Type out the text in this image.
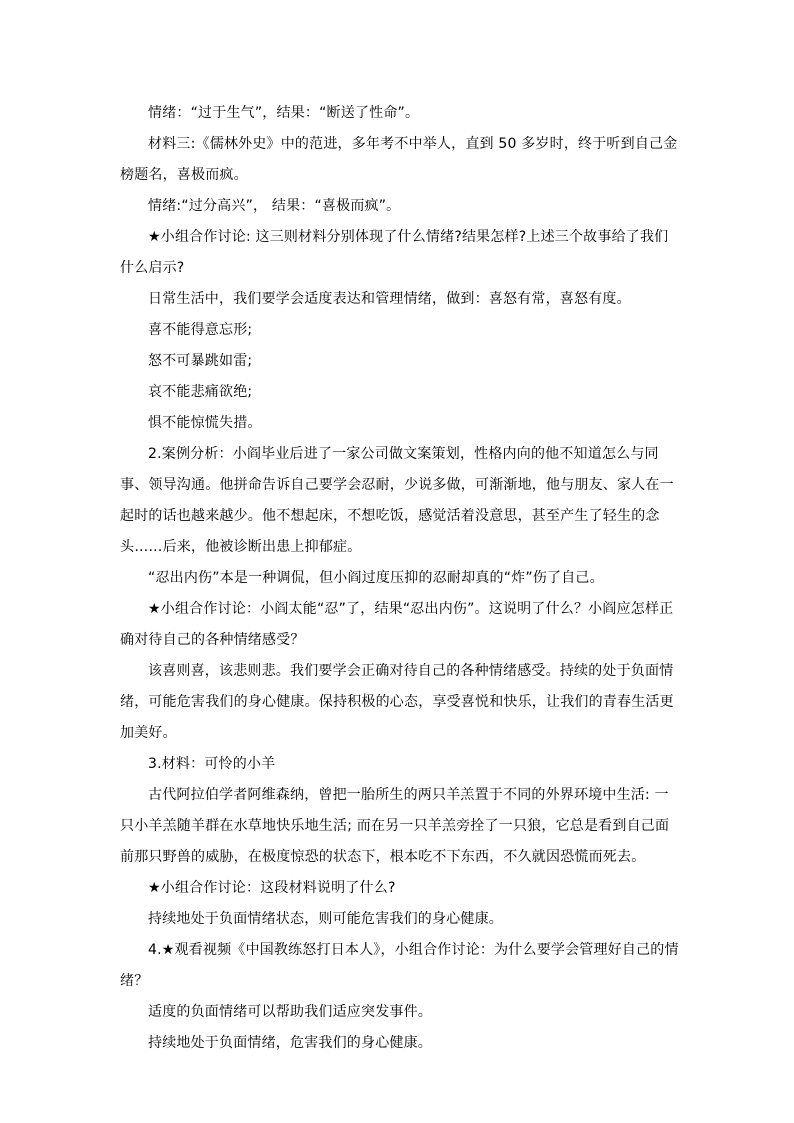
情绪：“过于生气”，结果：“断送了性命”。

材料三:《儒林外史》中的范进，多年考不中举人，直到 50 多岁时，终于听到自己金榜题名，喜极而疯。

情绪:“过分高兴”， 结果：“喜极而疯”。

★小组合作讨论: 这三则材料分别体现了什么情绪?结果怎样?上述三个故事给了我们什么启示?

日常生活中，我们要学会适度表达和管理情绪，做到：喜怒有常，喜怒有度。

喜不能得意忘形;

怒不可暴跳如雷;

哀不能悲痛欲绝;

惧不能惊慌失措。

2.案例分析：小阎毕业后进了一家公司做文案策划，性格内向的他不知道怎么与同事、领导沟通。他拼命告诉自己要学会忍耐，少说多做，可渐渐地，他与朋友、家人在一起时的话也越来越少。他不想起床，不想吃饭，感觉活着没意思，甚至产生了轻生的念头……后来，他被诊断出患上抑郁症。

“忍出内伤”本是一种调侃，但小阎过度压抑的忍耐却真的“炸”伤了自己。

★小组合作讨论：小阎太能“忍”了，结果“忍出内伤”。这说明了什么？小阎应怎样正确对待自己的各种情绪感受？

该喜则喜，该悲则悲。我们要学会正确对待自己的各种情绪感受。持续的处于负面情绪，可能危害我们的身心健康。保持积极的心态，享受喜悦和快乐，让我们的青春生活更加美好。

3.材料：可怜的小羊

古代阿拉伯学者阿维森纳，曾把一胎所生的两只羊羔置于不同的外界环境中生活: 一只小羊羔随羊群在水草地快乐地生活; 而在另一只羊羔旁拴了一只狼，它总是看到自己面前那只野兽的威胁，在极度惊恐的状态下，根本吃不下东西，不久就因恐慌而死去。

★小组合作讨论：这段材料说明了什么?

持续地处于负面情绪状态，则可能危害我们的身心健康。

4.★观看视频《中国教练怒打日本人》，小组合作讨论：为什么要学会管理好自己的情绪？

适度的负面情绪可以帮助我们适应突发事件。

持续地处于负面情绪，危害我们的身心健康。
